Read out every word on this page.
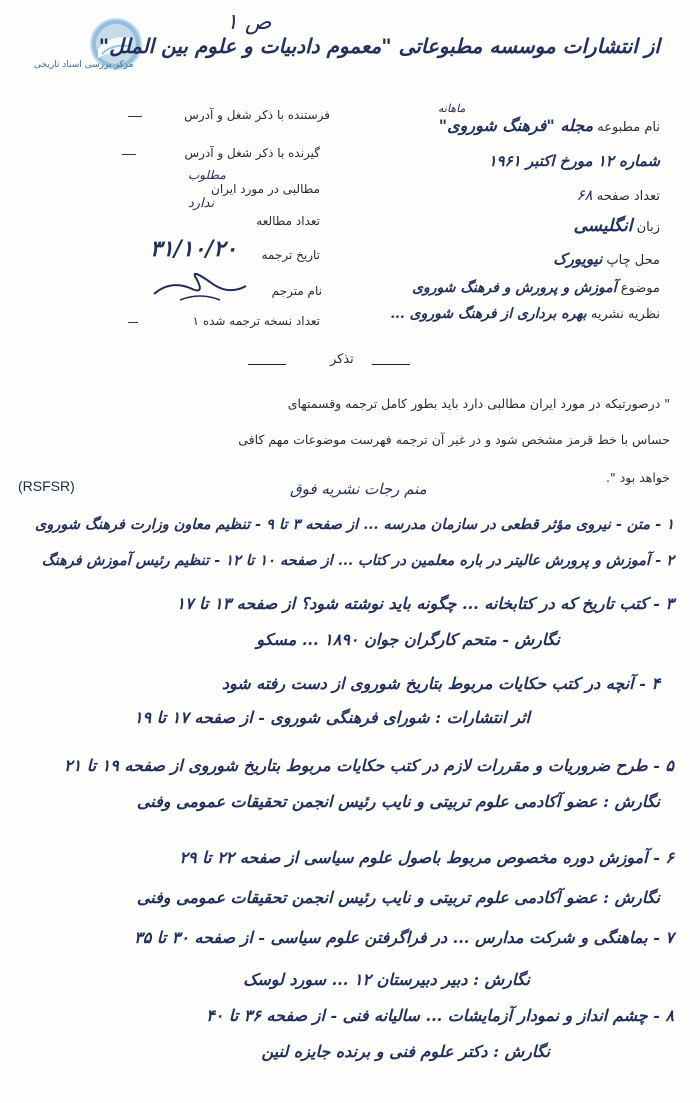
مرکز بررسی اسناد تاریخی
۱ ص
از انتشارات موسسه مطبوعاتی "معموم دادبیات و علوم بین الملل"
فرستنده با ذکر شغل و آدرس
گیرنده با ذکر شغل و آدرس
مطلوب
مطالبی در مورد ایران
ندارد
تعداد مطالعه
تاریخ ترجمه
۳۱/۱۰/۲۰
نام مترجم
تعداد نسخه ترجمه شده ۱
نام مطبوعه مجله "فرهنگ شوروی"
ماهانه
شماره ۱۲ مورخ اکتبر ۱۹۶۱
تعداد صفحه ۶۸
زبان انگلیسی
محل چاپ نیویورک
موضوع آموزش و پرورش و فرهنگ شوروی
نظریه نشریه بهره برداری از فرهنگ شوروی ...
تذکر
" درصورتیکه در مورد ایران مطالبی دارد باید بطور کامل ترجمه وقسمتهای
حساس با خط قرمز مشخص شود و در غیر آن ترجمه فهرست موضوعات مهم کافی
خواهد بود ".
(RSFSR)	منم رجات نشریه فوق
۱ - متن - نیروی مؤثر قطعی در سازمان مدرسه ... از صفحه ۳ تا ۹ - تنظیم معاون وزارت فرهنگ شوروی
۲ - آموزش و پرورش عالیتر در باره معلمین در کتاب ... از صفحه ۱۰ تا ۱۲ - تنظیم رئیس آموزش فرهنگ
۳ - کتب تاریخ که در کتابخانه ... چگونه باید نوشته شود؟ از صفحه ۱۳ تا ۱۷
نگارش - متحم کارگران جوان ۱۸۹۰ ... مسکو
۴ - آنچه در کتب حکایات مربوط بتاریخ شوروی از دست رفته شود
اثر انتشارات : شورای فرهنگی شوروی - از صفحه ۱۷ تا ۱۹
۵ - طرح ضروریات و مقررات لازم در کتب حکایات مربوط بتاریخ شوروی از صفحه ۱۹ تا ۲۱
نگارش : عضو آکادمی علوم تربیتی و نایب رئیس انجمن تحقیقات عمومی وفنی
۶ - آموزش دوره مخصوص مربوط باصول علوم سیاسی از صفحه ۲۲ تا ۲۹
نگارش : عضو آکادمی علوم تربیتی و نایب رئیس انجمن تحقیقات عمومی وفنی
۷ - بماهنگی و شرکت مدارس ... در فراگرفتن علوم سیاسی - از صفحه ۳۰ تا ۳۵
نگارش : دبیر دبیرستان ۱۲ ... سورد لوسک
۸ - چشم انداز و نمودار آزمایشات ... سالیانه فنی - از صفحه ۳۶ تا ۴۰
نگارش : دکتر علوم فنی و برنده جایزه لنین
